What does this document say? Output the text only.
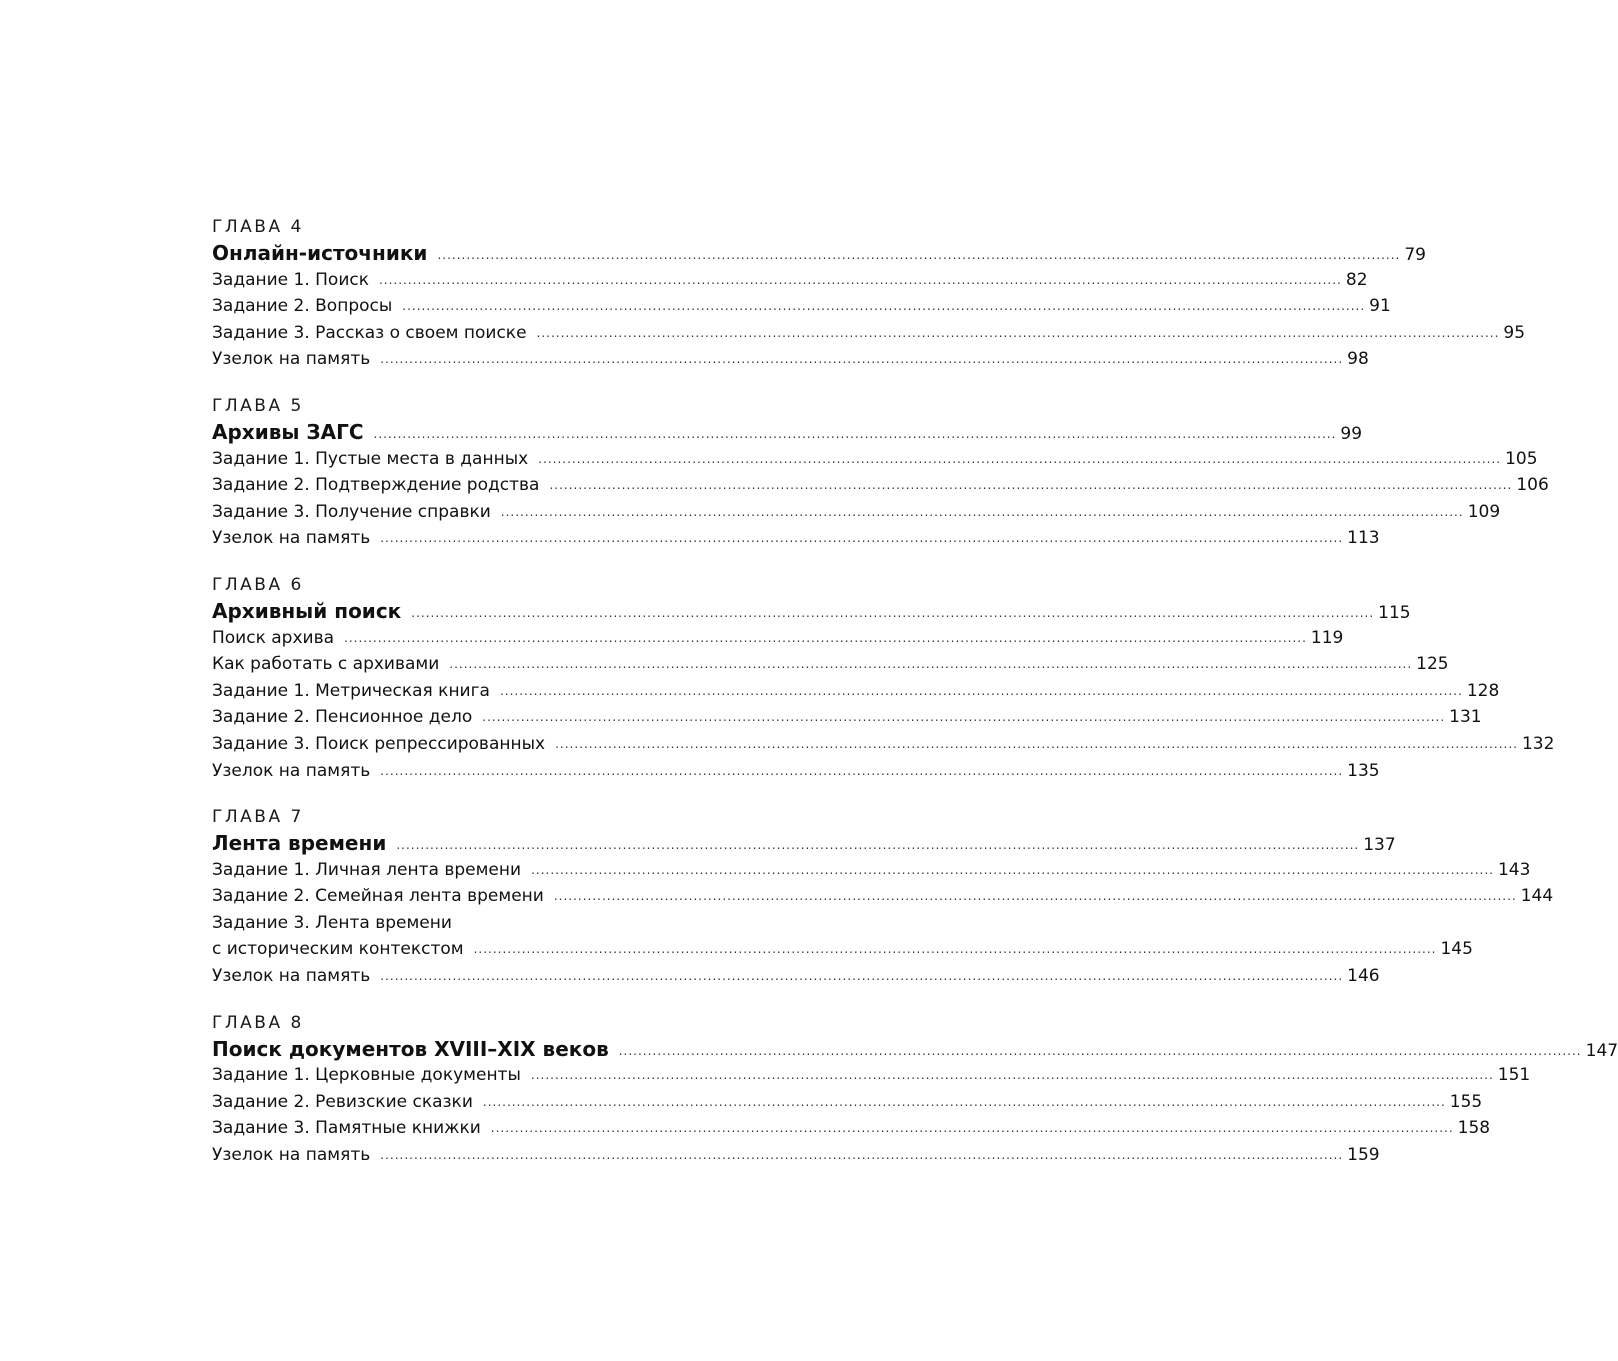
ГЛАВА 4
Онлайн-источники ........................................................................................................................................................................................................ 79
Задание 1. Поиск ........................................................................................................................................................................................................ 82
Задание 2. Вопросы ........................................................................................................................................................................................................ 91
Задание 3. Рассказ о своем поиске ........................................................................................................................................................................................................ 95
Узелок на память ........................................................................................................................................................................................................ 98
ГЛАВА 5
Архивы ЗАГС ........................................................................................................................................................................................................ 99
Задание 1. Пустые места в данных ........................................................................................................................................................................................................ 105
Задание 2. Подтверждение родства ........................................................................................................................................................................................................ 106
Задание 3. Получение справки ........................................................................................................................................................................................................ 109
Узелок на память ........................................................................................................................................................................................................ 113
ГЛАВА 6
Архивный поиск ........................................................................................................................................................................................................ 115
Поиск архива ........................................................................................................................................................................................................ 119
Как работать с архивами ........................................................................................................................................................................................................ 125
Задание 1. Метрическая книга ........................................................................................................................................................................................................ 128
Задание 2. Пенсионное дело ........................................................................................................................................................................................................ 131
Задание 3. Поиск репрессированных ........................................................................................................................................................................................................ 132
Узелок на память ........................................................................................................................................................................................................ 135
ГЛАВА 7
Лента времени ........................................................................................................................................................................................................ 137
Задание 1. Личная лента времени ........................................................................................................................................................................................................ 143
Задание 2. Семейная лента времени ........................................................................................................................................................................................................ 144
Задание 3. Лента времени
с историческим контекстом ........................................................................................................................................................................................................ 145
Узелок на память ........................................................................................................................................................................................................ 146
ГЛАВА 8
Поиск документов XVIII–XIX веков ........................................................................................................................................................................................................ 147
Задание 1. Церковные документы ........................................................................................................................................................................................................ 151
Задание 2. Ревизские сказки ........................................................................................................................................................................................................ 155
Задание 3. Памятные книжки ........................................................................................................................................................................................................ 158
Узелок на память ........................................................................................................................................................................................................ 159
